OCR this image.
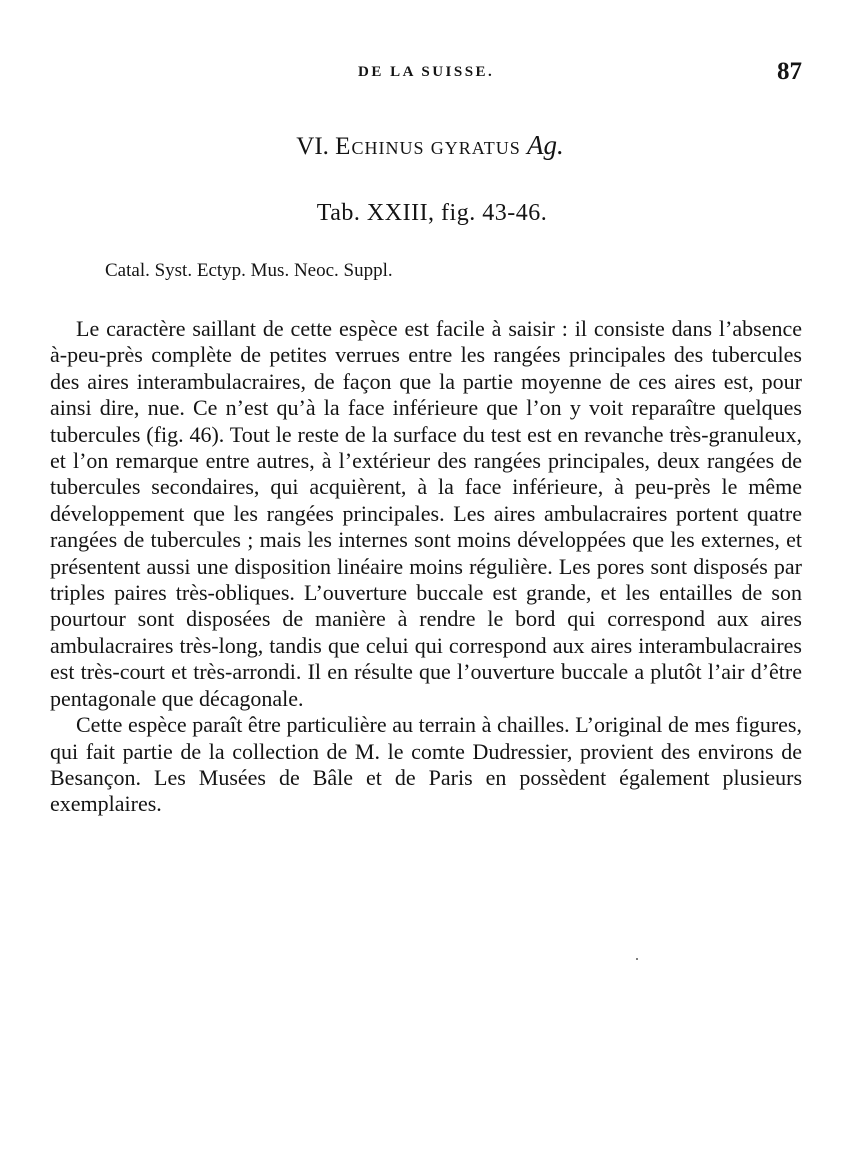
DE LA SUISSE.	87
VI. Echinus gyratus Ag.
Tab. XXIII, fig. 43-46.
Catal. Syst. Ectyp. Mus. Neoc. Suppl.

Le caractère saillant de cette espèce est facile à saisir : il consiste dans l’absence à-peu-près complète de petites verrues entre les rangées principales des tubercules des aires interambulacraires, de façon que la partie moyenne de ces aires est, pour ainsi dire, nue. Ce n’est qu’à la face inférieure que l’on y voit reparaître quelques tubercules (fig. 46). Tout le reste de la surface du test est en revanche très-granuleux, et l’on remarque entre autres, à l’extérieur des rangées principales, deux rangées de tubercules secondaires, qui acquièrent, à la face inférieure, à peu-près le même développement que les rangées principales. Les aires ambulacraires portent quatre rangées de tubercules ; mais les internes sont moins développées que les externes, et présentent aussi une disposition linéaire moins régulière. Les pores sont disposés par triples paires très-obliques. L’ouverture buccale est grande, et les entailles de son pourtour sont disposées de manière à rendre le bord qui correspond aux aires ambulacraires très-long, tandis que celui qui correspond aux aires interambulacraires est très-court et très-arrondi. Il en résulte que l’ouverture buccale a plutôt l’air d’être pentagonale que décagonale.

Cette espèce paraît être particulière au terrain à chailles. L’original de mes figures, qui fait partie de la collection de M. le comte Dudressier, provient des environs de Besançon. Les Musées de Bâle et de Paris en possèdent également plusieurs exemplaires.
